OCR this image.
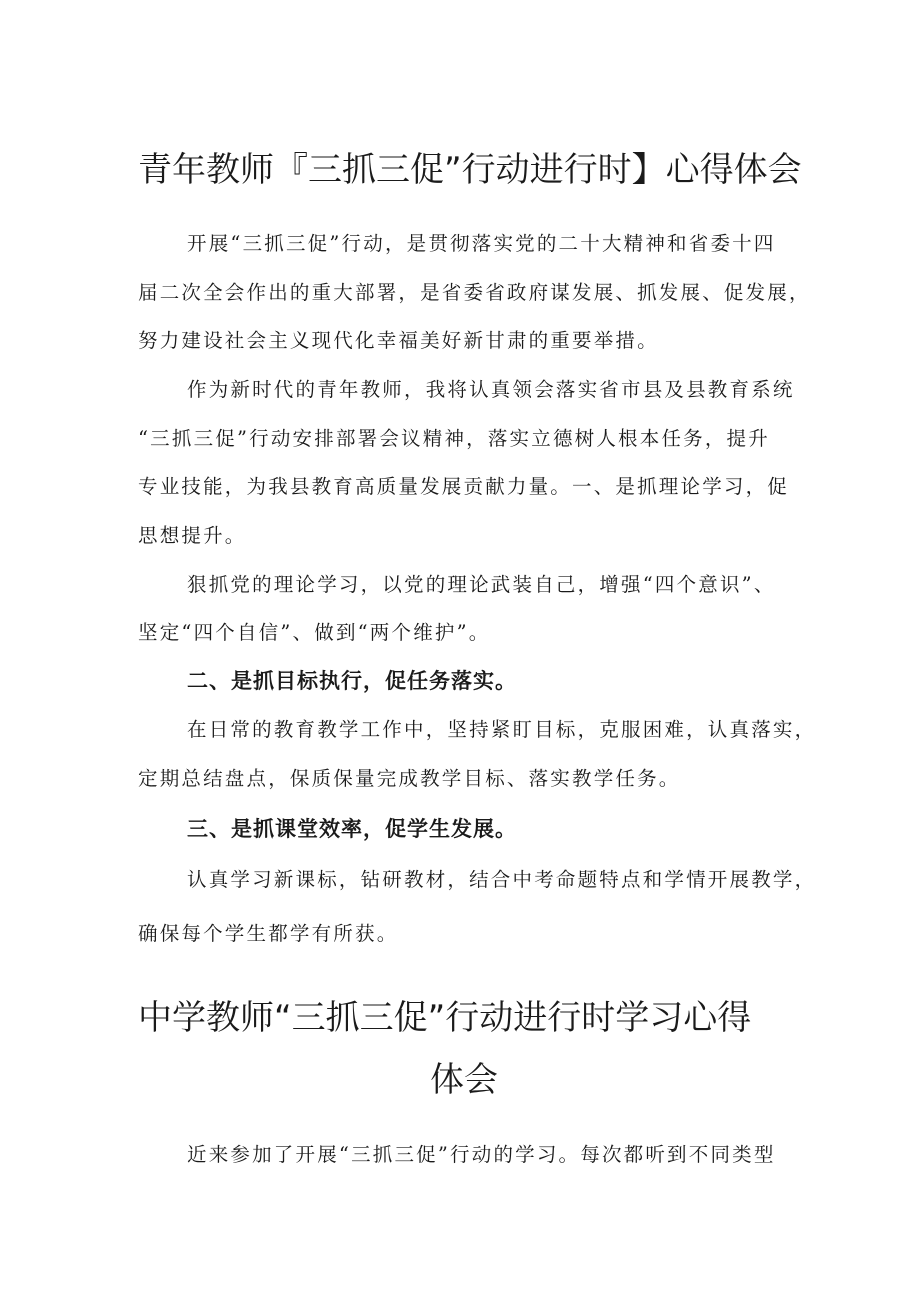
青年教师『三抓三促”行动进行时】心得体会
开展“三抓三促”行动，是贯彻落实党的二十大精神和省委十四
届二次全会作出的重大部署，是省委省政府谋发展、抓发展、促发展，
努力建设社会主义现代化幸福美好新甘肃的重要举措。
作为新时代的青年教师，我将认真领会落实省市县及县教育系统
“三抓三促”行动安排部署会议精神，落实立德树人根本任务，提升
专业技能，为我县教育高质量发展贡献力量。一、是抓理论学习，促
思想提升。
狠抓党的理论学习，以党的理论武装自己，增强“四个意识”、
坚定“四个自信”、做到“两个维护”。
二、是抓目标执行，促任务落实。
在日常的教育教学工作中，坚持紧盯目标，克服困难，认真落实，
定期总结盘点，保质保量完成教学目标、落实教学任务。
三、是抓课堂效率，促学生发展。
认真学习新课标，钻研教材，结合中考命题特点和学情开展教学，
确保每个学生都学有所获。
中学教师“三抓三促”行动进行时学习心得
体会
近来参加了开展“三抓三促”行动的学习。每次都听到不同类型
